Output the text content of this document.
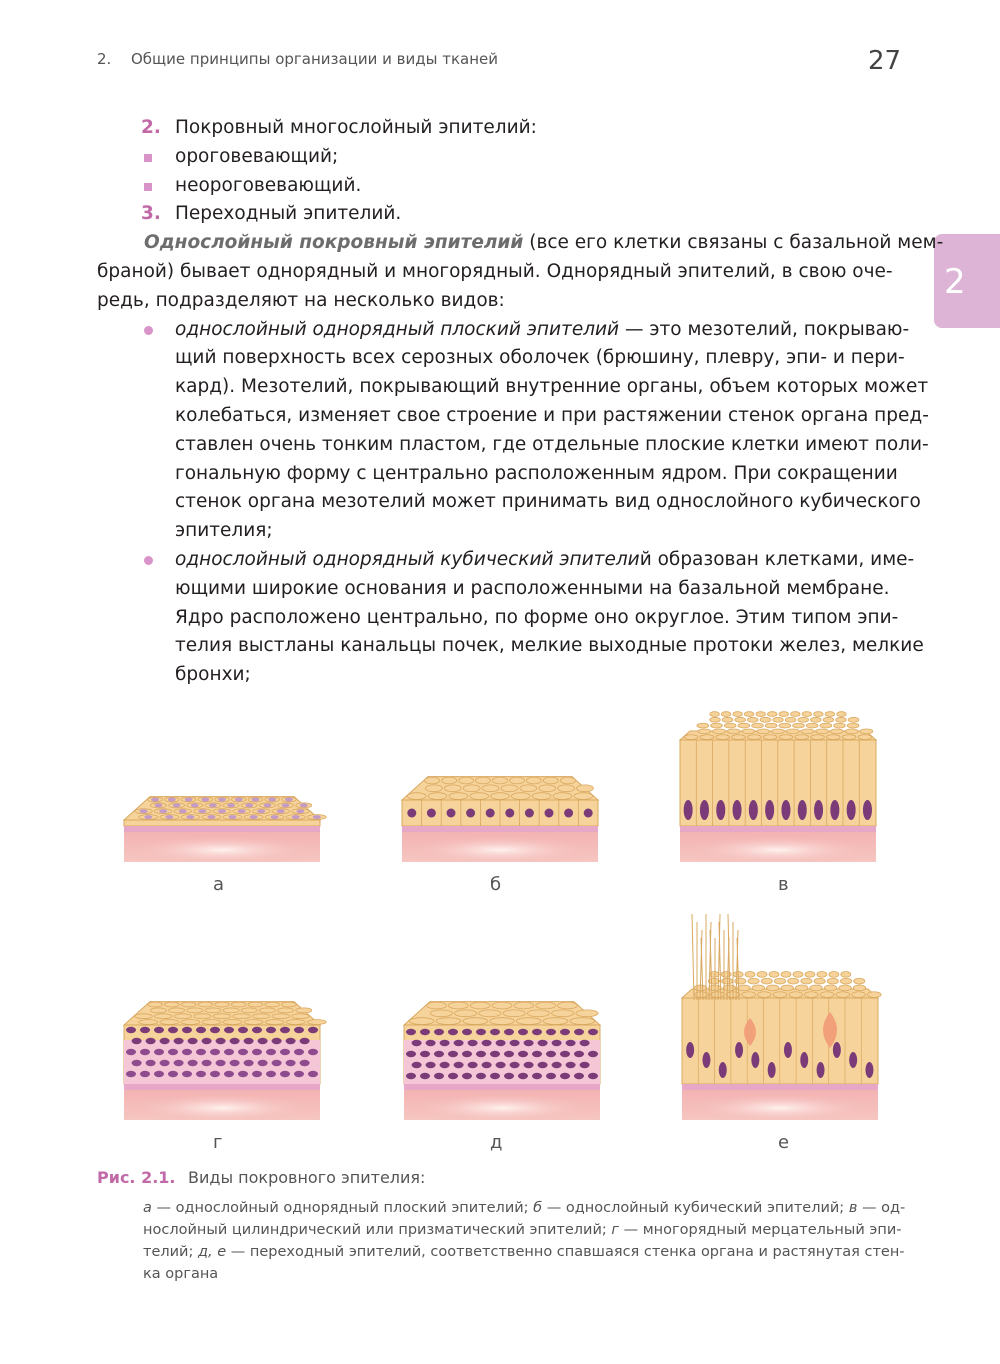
2. Общие принципы организации и виды тканей	27
2
2. Покровный многослойный эпителий:
ороговевающий;
неороговевающий.
3. Переходный эпителий.
Однослойный покровный эпителий (все его клетки связаны с базальной мем-
браной) бывает однорядный и многорядный. Однорядный эпителий, в свою оче-
редь, подразделяют на несколько видов:
однослойный однорядный плоский эпителий — это мезотелий, покрываю-
щий поверхность всех серозных оболочек (брюшину, плевру, эпи- и пери-
кард). Мезотелий, покрывающий внутренние органы, объем которых может
колебаться, изменяет свое строение и при растяжении стенок органа пред-
ставлен очень тонким пластом, где отдельные плоские клетки имеют поли-
гональную форму с центрально расположенным ядром. При сокращении
стенок органа мезотелий может принимать вид однослойного кубического
эпителия;
однослойный однорядный кубический эпителий образован клетками, име-
ющими широкие основания и расположенными на базальной мембране.
Ядро расположено центрально, по форме оно округлое. Этим типом эпи-
телия выстланы канальцы почек, мелкие выходные протоки желез, мелкие
бронхи;
а	б	в
г	д	е
Рис. 2.1. Виды покровного эпителия:
а — однослойный однорядный плоский эпителий; б — однослойный кубический эпителий; в — од-
нослойный цилиндрический или призматический эпителий; г — многорядный мерцательный эпи-
телий; д, е — переходный эпителий, соответственно спавшаяся стенка органа и растянутая стен-
ка органа
